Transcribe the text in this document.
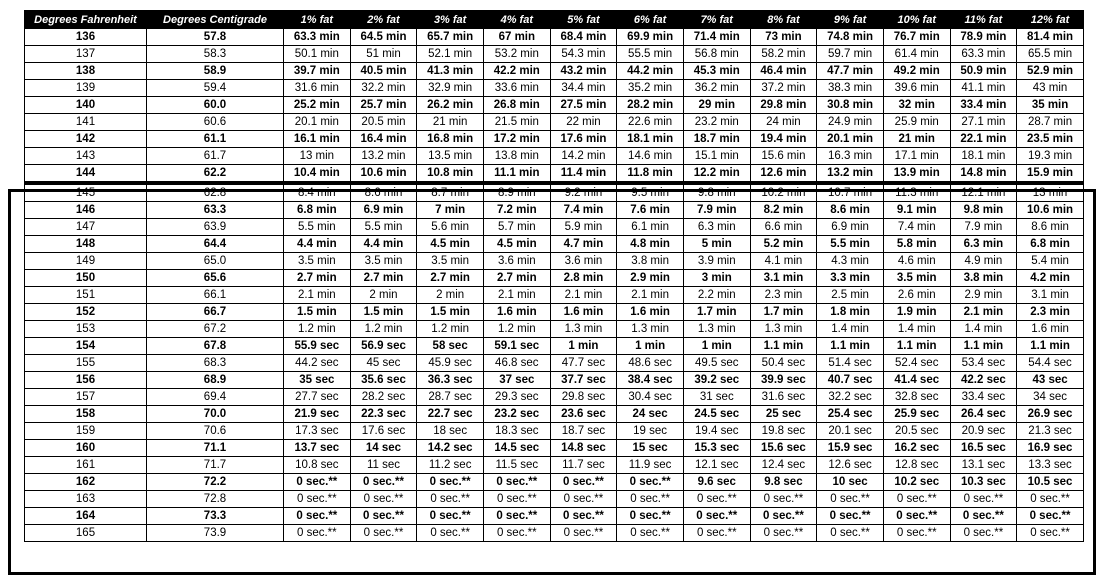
Degrees Fahrenheit	Degrees Centigrade	1% fat	2% fat	3% fat	4% fat	5% fat	6% fat	7% fat	8% fat	9% fat	10% fat	11% fat	12% fat
136	57.8	63.3 min	64.5 min	65.7 min	67 min	68.4 min	69.9 min	71.4 min	73 min	74.8 min	76.7 min	78.9 min	81.4 min
137	58.3	50.1 min	51 min	52.1 min	53.2 min	54.3 min	55.5 min	56.8 min	58.2 min	59.7 min	61.4 min	63.3 min	65.5 min
138	58.9	39.7 min	40.5 min	41.3 min	42.2 min	43.2 min	44.2 min	45.3 min	46.4 min	47.7 min	49.2 min	50.9 min	52.9 min
139	59.4	31.6 min	32.2 min	32.9 min	33.6 min	34.4 min	35.2 min	36.2 min	37.2 min	38.3 min	39.6 min	41.1 min	43 min
140	60.0	25.2 min	25.7 min	26.2 min	26.8 min	27.5 min	28.2 min	29 min	29.8 min	30.8 min	32 min	33.4 min	35 min
141	60.6	20.1 min	20.5 min	21 min	21.5 min	22 min	22.6 min	23.2 min	24 min	24.9 min	25.9 min	27.1 min	28.7 min
142	61.1	16.1 min	16.4 min	16.8 min	17.2 min	17.6 min	18.1 min	18.7 min	19.4 min	20.1 min	21 min	22.1 min	23.5 min
143	61.7	13 min	13.2 min	13.5 min	13.8 min	14.2 min	14.6 min	15.1 min	15.6 min	16.3 min	17.1 min	18.1 min	19.3 min
144	62.2	10.4 min	10.6 min	10.8 min	11.1 min	11.4 min	11.8 min	12.2 min	12.6 min	13.2 min	13.9 min	14.8 min	15.9 min
145	62.8	8.4 min	8.6 min	8.7 min	8.9 min	9.2 min	9.5 min	9.8 min	10.2 min	10.7 min	11.3 min	12.1 min	13 min
146	63.3	6.8 min	6.9 min	7 min	7.2 min	7.4 min	7.6 min	7.9 min	8.2 min	8.6 min	9.1 min	9.8 min	10.6 min
147	63.9	5.5 min	5.5 min	5.6 min	5.7 min	5.9 min	6.1 min	6.3 min	6.6 min	6.9 min	7.4 min	7.9 min	8.6 min
148	64.4	4.4 min	4.4 min	4.5 min	4.5 min	4.7 min	4.8 min	5 min	5.2 min	5.5 min	5.8 min	6.3 min	6.8 min
149	65.0	3.5 min	3.5 min	3.5 min	3.6 min	3.6 min	3.8 min	3.9 min	4.1 min	4.3 min	4.6 min	4.9 min	5.4 min
150	65.6	2.7 min	2.7 min	2.7 min	2.7 min	2.8 min	2.9 min	3 min	3.1 min	3.3 min	3.5 min	3.8 min	4.2 min
151	66.1	2.1 min	2 min	2 min	2.1 min	2.1 min	2.1 min	2.2 min	2.3 min	2.5 min	2.6 min	2.9 min	3.1 min
152	66.7	1.5 min	1.5 min	1.5 min	1.6 min	1.6 min	1.6 min	1.7 min	1.7 min	1.8 min	1.9 min	2.1 min	2.3 min
153	67.2	1.2 min	1.2 min	1.2 min	1.2 min	1.3 min	1.3 min	1.3 min	1.3 min	1.4 min	1.4 min	1.4 min	1.6 min
154	67.8	55.9 sec	56.9 sec	58 sec	59.1 sec	1 min	1 min	1 min	1.1 min	1.1 min	1.1 min	1.1 min	1.1 min
155	68.3	44.2 sec	45 sec	45.9 sec	46.8 sec	47.7 sec	48.6 sec	49.5 sec	50.4 sec	51.4 sec	52.4 sec	53.4 sec	54.4 sec
156	68.9	35 sec	35.6 sec	36.3 sec	37 sec	37.7 sec	38.4 sec	39.2 sec	39.9 sec	40.7 sec	41.4 sec	42.2 sec	43 sec
157	69.4	27.7 sec	28.2 sec	28.7 sec	29.3 sec	29.8 sec	30.4 sec	31 sec	31.6 sec	32.2 sec	32.8 sec	33.4 sec	34 sec
158	70.0	21.9 sec	22.3 sec	22.7 sec	23.2 sec	23.6 sec	24 sec	24.5 sec	25 sec	25.4 sec	25.9 sec	26.4 sec	26.9 sec
159	70.6	17.3 sec	17.6 sec	18 sec	18.3 sec	18.7 sec	19 sec	19.4 sec	19.8 sec	20.1 sec	20.5 sec	20.9 sec	21.3 sec
160	71.1	13.7 sec	14 sec	14.2 sec	14.5 sec	14.8 sec	15 sec	15.3 sec	15.6 sec	15.9 sec	16.2 sec	16.5 sec	16.9 sec
161	71.7	10.8 sec	11 sec	11.2 sec	11.5 sec	11.7 sec	11.9 sec	12.1 sec	12.4 sec	12.6 sec	12.8 sec	13.1 sec	13.3 sec
162	72.2	0 sec.**	0 sec.**	0 sec.**	0 sec.**	0 sec.**	0 sec.**	9.6 sec	9.8 sec	10 sec	10.2 sec	10.3 sec	10.5 sec
163	72.8	0 sec.**	0 sec.**	0 sec.**	0 sec.**	0 sec.**	0 sec.**	0 sec.**	0 sec.**	0 sec.**	0 sec.**	0 sec.**	0 sec.**
164	73.3	0 sec.**	0 sec.**	0 sec.**	0 sec.**	0 sec.**	0 sec.**	0 sec.**	0 sec.**	0 sec.**	0 sec.**	0 sec.**	0 sec.**
165	73.9	0 sec.**	0 sec.**	0 sec.**	0 sec.**	0 sec.**	0 sec.**	0 sec.**	0 sec.**	0 sec.**	0 sec.**	0 sec.**	0 sec.**
